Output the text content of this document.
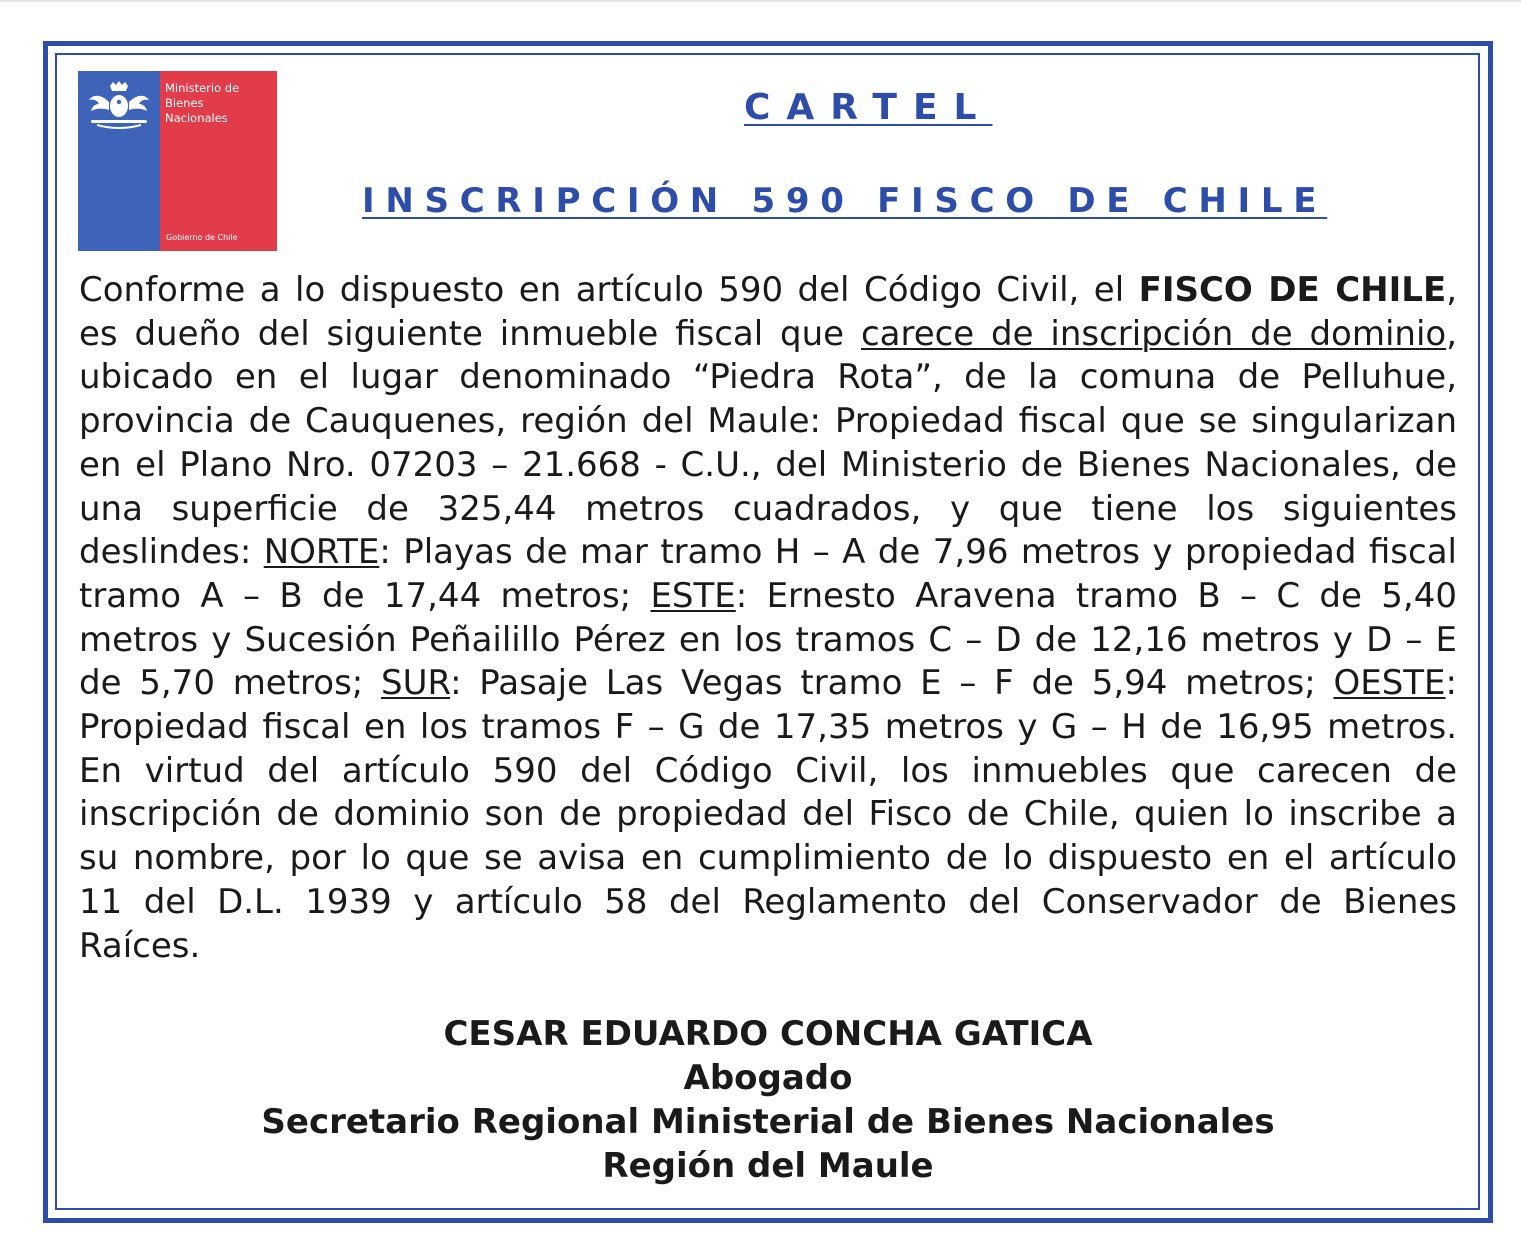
Ministerio de
Bienes
Nacionales
Gobierno de Chile
CARTEL
INSCRIPCIÓN 590 FISCO DE CHILE

Conforme a lo dispuesto en artículo 590 del Código Civil, el FISCO DE CHILE, es dueño del siguiente inmueble fiscal que carece de inscripción de dominio, ubicado en el lugar denominado “Piedra Rota”, de la comuna de Pelluhue, provincia de Cauquenes, región del Maule: Propiedad fiscal que se singularizan en el Plano Nro. 07203 – 21.668 - C.U., del Ministerio de Bienes Nacionales, de una superficie de 325,44 metros cuadrados, y que tiene los siguientes deslindes: NORTE: Playas de mar tramo H – A de 7,96 metros y propiedad fiscal tramo A – B de 17,44 metros; ESTE: Ernesto Aravena tramo B – C de 5,40 metros y Sucesión Peñailillo Pérez en los tramos C – D de 12,16 metros y D – E de 5,70 metros; SUR: Pasaje Las Vegas tramo E – F de 5,94 metros; OESTE: Propiedad fiscal en los tramos F – G de 17,35 metros y G – H de 16,95 metros. En virtud del artículo 590 del Código Civil, los inmuebles que carecen de inscripción de dominio son de propiedad del Fisco de Chile, quien lo inscribe a su nombre, por lo que se avisa en cumplimiento de lo dispuesto en el artículo 11 del D.L. 1939 y artículo 58 del Reglamento del Conservador de Bienes Raíces.

CESAR EDUARDO CONCHA GATICA
Abogado
Secretario Regional Ministerial de Bienes Nacionales
Región del Maule
